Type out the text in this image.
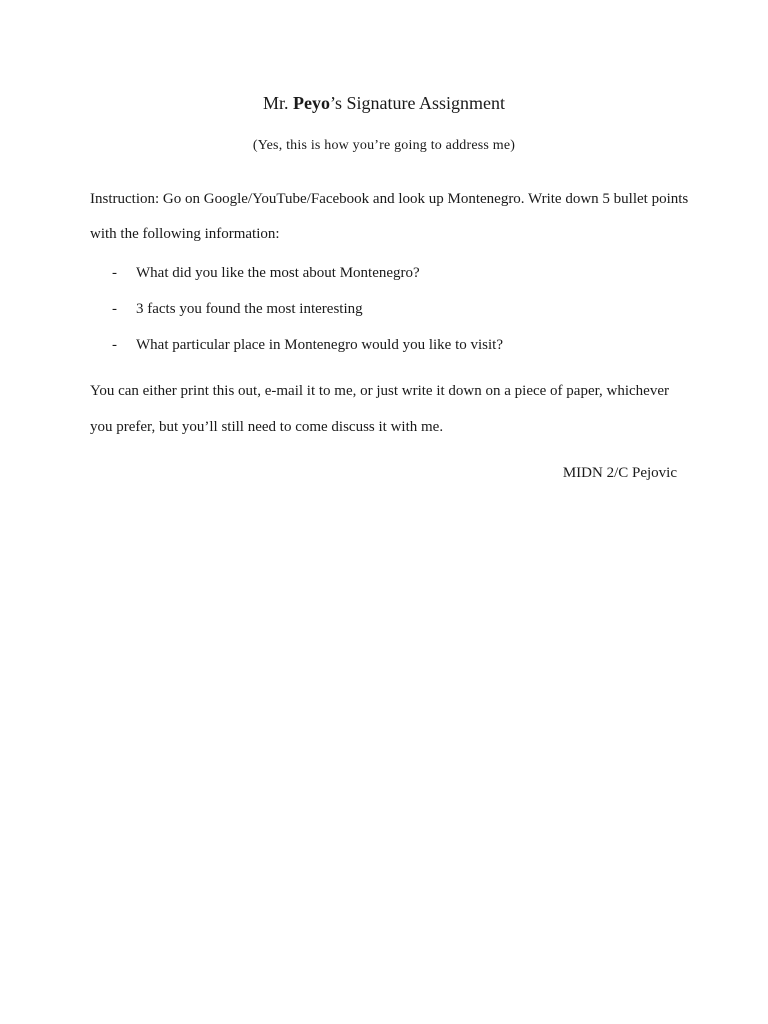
Mr. Peyo’s Signature Assignment

(Yes, this is how you’re going to address me)

Instruction: Go on Google/YouTube/Facebook and look up Montenegro. Write down 5 bullet points with the following information:

- What did you like the most about Montenegro?
- 3 facts you found the most interesting
- What particular place in Montenegro would you like to visit?

You can either print this out, e-mail it to me, or just write it down on a piece of paper, whichever you prefer, but you’ll still need to come discuss it with me.

MIDN 2/C Pejovic
